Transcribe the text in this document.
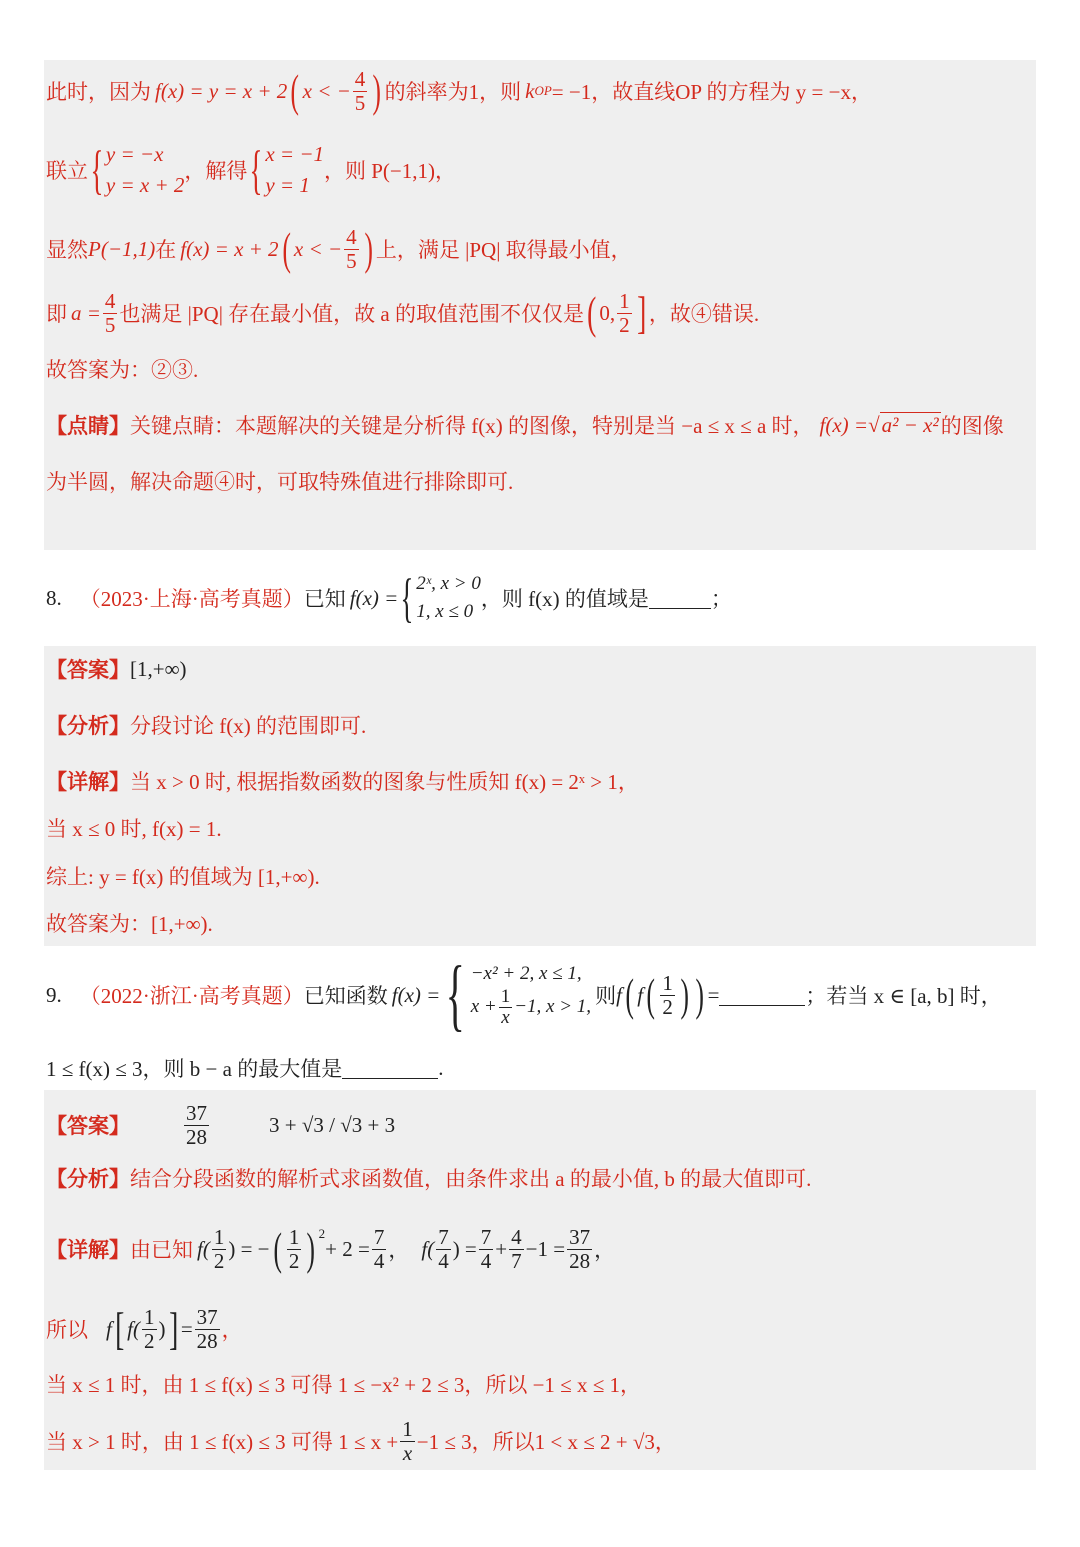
此时，因为 f(x) = y = x + 2 ( x < − $\frac{4}{5}$ ) 的斜率为1，则 k OP = −1， 故直线OP 的方程为 y = −x，
联立 { y = −x
y = x + 2
，解得 { x = −1
y = 1
，则 P(−1,1)，
显然 P(−1,1) 在 f(x) = x + 2 ( x < − $\frac{4}{5}$ ) 上，满足 |PQ| 取得最小值，
即 $a = \frac{4}{5}$ 也满足 |PQ| 存在最小值，故 a 的取值范围不仅仅是 ( 0, $\frac{1}{2}$ ] ，故④错误.
故答案为：②③.
【点睛】 关键点睛：本题解决的关键是分析得 f(x) 的图像，特别是当 −a ≤ x ≤ a 时， f(x) = √ a² − x² 的图像
为半圆，解决命题④时，可取特殊值进行排除即可.
8. （2023·上海·高考真题） 已知 f(x) = { 2ˣ, x > 0
1, x ≤ 0
，则 f(x) 的值域是	；
【答案】 [1,+∞)
【分析】 分段讨论 f(x) 的范围即可.
【详解】 当 x > 0 时, 根据指数函数的图象与性质知 f(x) = 2ˣ > 1，
当 x ≤ 0 时, f(x) = 1.
综上: y = f(x) 的值域为 [1,+∞).
故答案为：[1,+∞).
9. （2022·浙江·高考真题） 已知函数 f(x) = { −x² + 2, x ≤ 1,
$x + \frac{1}{x} -1$, x > 1, 则 f ( f ( $\frac{1}{2}$ ) ) =	；若当 x ∈ [a, b] 时，
1 ≤ f(x) ≤ 3，则 b − a 的最大值是	.
【答案】	$\frac{37}{28}$	3 + √3 / √3 + 3
【分析】 结合分段函数的解析式求函数值，由条件求出 a 的最小值, b 的最大值即可.
【详解】 由已知 $f( \frac{1}{2}$ ) = − ( $\frac{1}{2}$ ) $^2$
+ $2 = \frac{7}{4}$ ， $f( \frac{7}{4}$ ) = $\frac{7}{4} + \frac{4}{7} -1 = \frac{37}{28}$ ，
所以 f [ $f( \frac{1}{2}$ ) ] = $\frac{37}{28}$ ，
当 x ≤ 1 时，由 1 ≤ f(x) ≤ 3 可得 1 ≤ −x² + 2 ≤ 3，所以 −1 ≤ x ≤ 1，
当 x > 1 时，由 1 ≤ f(x) ≤ 3 可得 $1 \le x + \frac{1}{x} -1 \le 3$，所以 1 < x ≤ 2 + √3，
